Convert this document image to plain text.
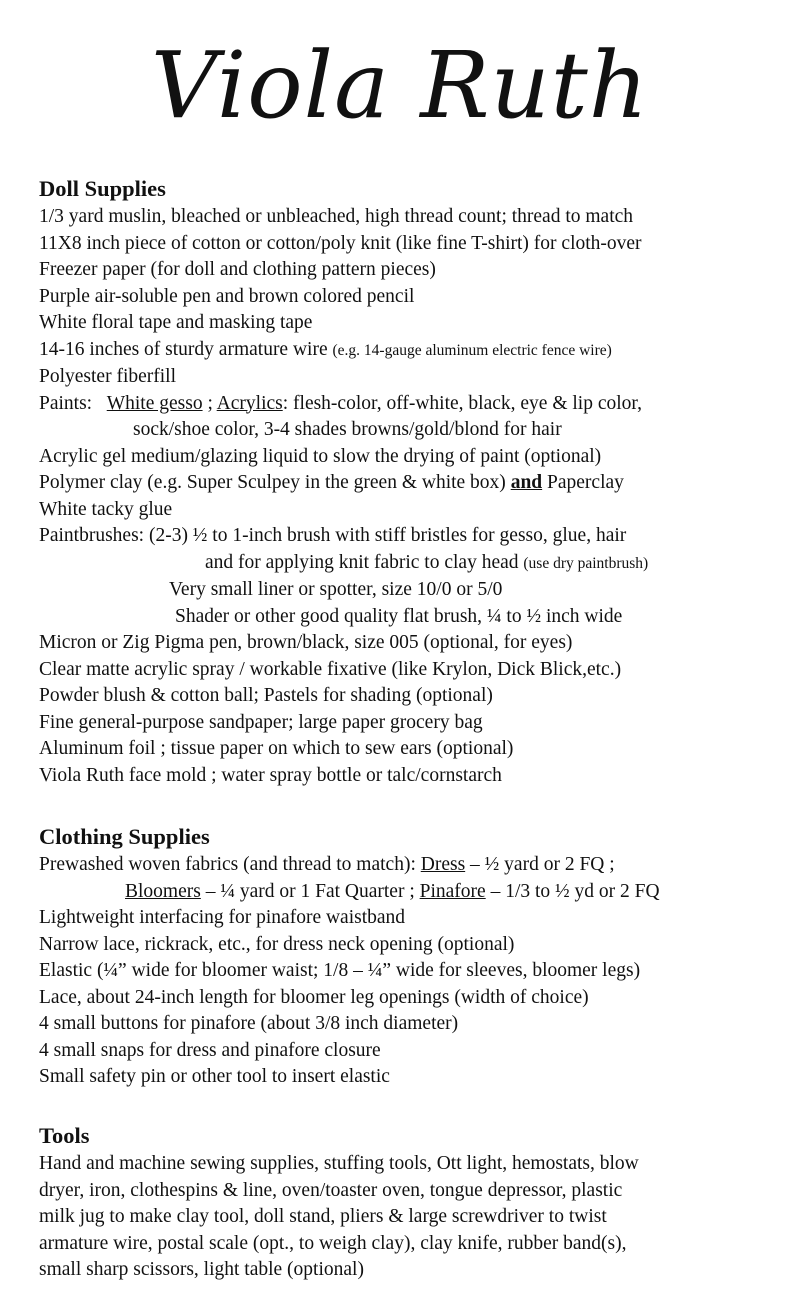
Viola Ruth
Doll Supplies
1/3 yard muslin, bleached or unbleached, high thread count; thread to match
11X8 inch piece of cotton or cotton/poly knit (like fine T-shirt) for cloth-over
Freezer paper (for doll and clothing pattern pieces)
Purple air-soluble pen and brown colored pencil
White floral tape and masking tape
14-16 inches of sturdy armature wire (e.g. 14-gauge aluminum electric fence wire)
Polyester fiberfill
Paints: White gesso ; Acrylics: flesh-color, off-white, black, eye & lip color,
sock/shoe color, 3-4 shades browns/gold/blond for hair
Acrylic gel medium/glazing liquid to slow the drying of paint (optional)
Polymer clay (e.g. Super Sculpey in the green & white box) and Paperclay
White tacky glue
Paintbrushes: (2-3) ½ to 1-inch brush with stiff bristles for gesso, glue, hair
and for applying knit fabric to clay head (use dry paintbrush)
Very small liner or spotter, size 10/0 or 5/0
Shader or other good quality flat brush, ¼ to ½ inch wide
Micron or Zig Pigma pen, brown/black, size 005 (optional, for eyes)
Clear matte acrylic spray / workable fixative (like Krylon, Dick Blick,etc.)
Powder blush & cotton ball; Pastels for shading (optional)
Fine general-purpose sandpaper; large paper grocery bag
Aluminum foil ; tissue paper on which to sew ears (optional)
Viola Ruth face mold ; water spray bottle or talc/cornstarch
Clothing Supplies
Prewashed woven fabrics (and thread to match): Dress – ½ yard or 2 FQ ;
Bloomers – ¼ yard or 1 Fat Quarter ; Pinafore – 1/3 to ½ yd or 2 FQ
Lightweight interfacing for pinafore waistband
Narrow lace, rickrack, etc., for dress neck opening (optional)
Elastic (¼” wide for bloomer waist; 1/8 – ¼” wide for sleeves, bloomer legs)
Lace, about 24-inch length for bloomer leg openings (width of choice)
4 small buttons for pinafore (about 3/8 inch diameter)
4 small snaps for dress and pinafore closure
Small safety pin or other tool to insert elastic
Tools
Hand and machine sewing supplies, stuffing tools, Ott light, hemostats, blow
dryer, iron, clothespins & line, oven/toaster oven, tongue depressor, plastic
milk jug to make clay tool, doll stand, pliers & large screwdriver to twist
armature wire, postal scale (opt., to weigh clay), clay knife, rubber band(s),
small sharp scissors, light table (optional)
